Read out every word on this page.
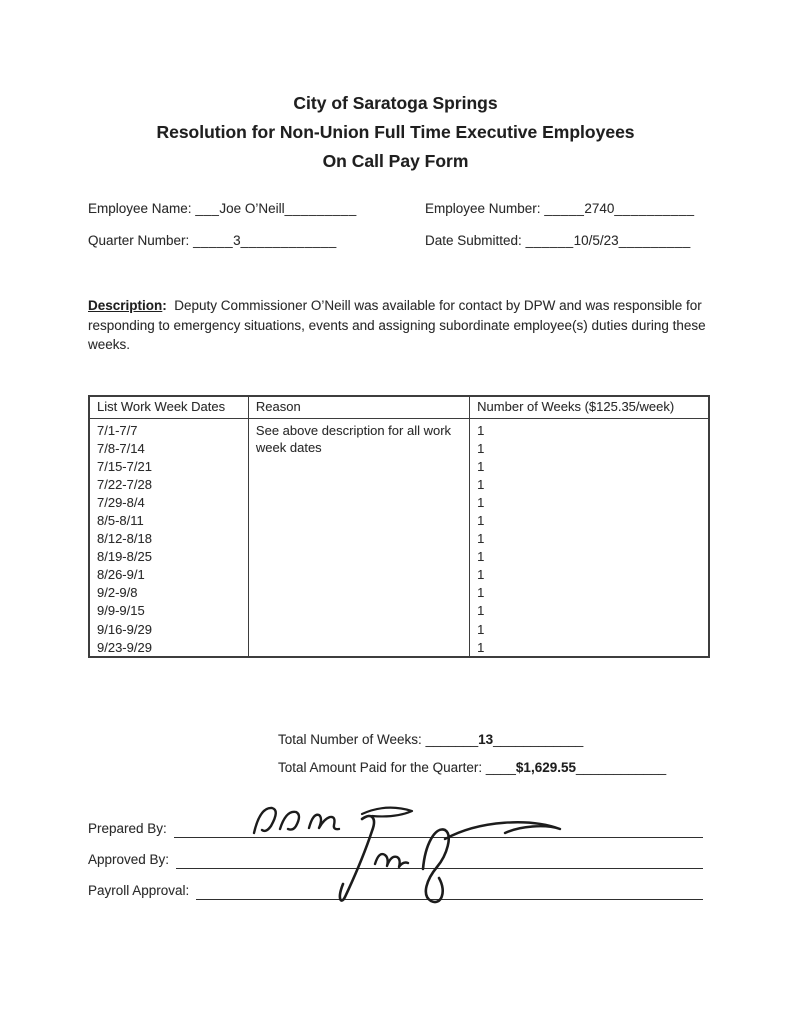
City of Saratoga Springs
Resolution for Non-Union Full Time Executive Employees
On Call Pay Form
Employee Name: ___Joe O’Neill_________	Employee Number: _____2740__________
Quarter Number: _____3____________	Date Submitted: ______10/5/23_________
Description: Deputy Commissioner O’Neill was available for contact by DPW and was responsible for responding to emergency situations, events and assigning subordinate employee(s) duties during these weeks.
List Work Week Dates	Reason	Number of Weeks ($125.35/week)
7/1-7/7	See above description for all work week dates	1
7/8-7/14		1
7/15-7/21		1
7/22-7/28		1
7/29-8/4		1
8/5-8/11		1
8/12-8/18		1
8/19-8/25		1
8/26-9/1		1
9/2-9/8		1
9/9-9/15		1
9/16-9/29		1
9/23-9/29		1
Total Number of Weeks: _______13____________
Total Amount Paid for the Quarter: ____$1,629.55____________
Prepared By:
Approved By:
Payroll Approval:
